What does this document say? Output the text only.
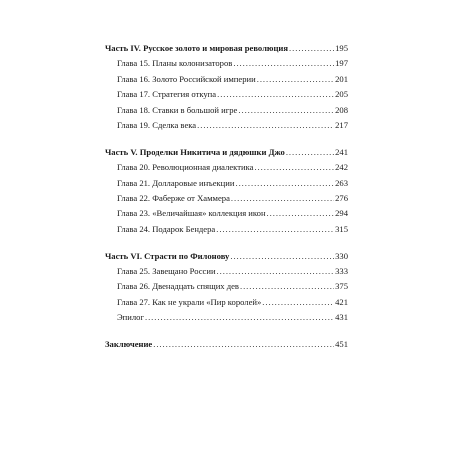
Часть IV. Русское золото и мировая революция . . .	195
Глава 15. Планы колонизаторов . . .	197
Глава 16. Золото Российской империи . . .	201
Глава 17. Стратегия откупа . . .	205
Глава 18. Ставки в большой игре . . .	208
Глава 19. Сделка века . . .	217
Часть V. Проделки Никитича и дядюшки Джо . . .	241
Глава 20. Революционная диалектика . . .	242
Глава 21. Долларовые инъекции . . .	263
Глава 22. Фаберже от Хаммера . . .	276
Глава 23. «Величайшая» коллекция икон . . .	294
Глава 24. Подарок Бендера . . .	315
Часть VI. Страсти по Филонову . . .	330
Глава 25. Завещано России . . .	333
Глава 26. Двенадцать спящих дев . . .	375
Глава 27. Как не украли «Пир королей» . . .	421
Эпилог . . .	431
Заключение . . .	451
